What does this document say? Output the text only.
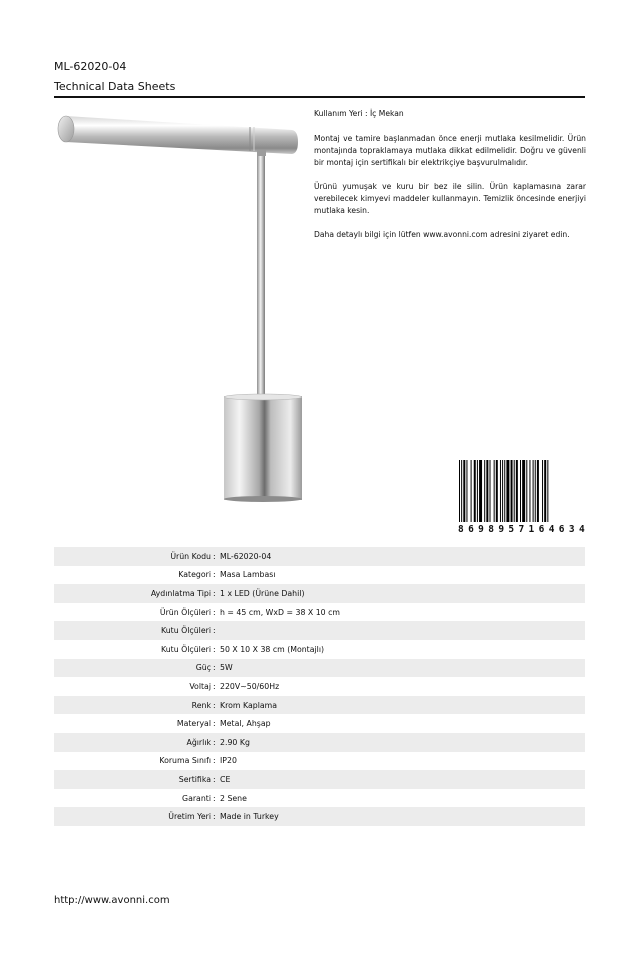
ML-62020-04
Technical Data Sheets

Kullanım Yeri : İç Mekan

Montaj ve tamire başlanmadan önce enerji mutlaka kesilmelidir. Ürün montajında topraklamaya mutlaka dikkat edilmelidir. Doğru ve güvenli bir montaj için sertifikalı bir elektrikçiye başvurulmalıdır.

Ürünü yumuşak ve kuru bir bez ile silin. Ürün kaplamasına zarar verebilecek kimyevi maddeler kullanmayın. Temizlik öncesinde enerjiyi mutlaka kesin.

Daha detaylı bilgi için lütfen www.avonni.com adresini ziyaret edin.

8 6 9 8 9 5 7 1 6 4 6 3 4
Ürün Kodu : ML-62020-04
Kategori : Masa Lambası
Aydınlatma Tipi : 1 x LED (Ürüne Dahil)
Ürün Ölçüleri : h = 45 cm, WxD = 38 X 10 cm
Kutu Ölçüleri :
Kutu Ölçüleri : 50 X 10 X 38 cm (Montajlı)
Güç : 5W
Voltaj : 220V~50/60Hz
Renk : Krom Kaplama
Materyal : Metal, Ahşap
Ağırlık : 2.90 Kg
Koruma Sınıfı : IP20
Sertifika : CE
Garanti : 2 Sene
Üretim Yeri : Made in Turkey
http://www.avonni.com
